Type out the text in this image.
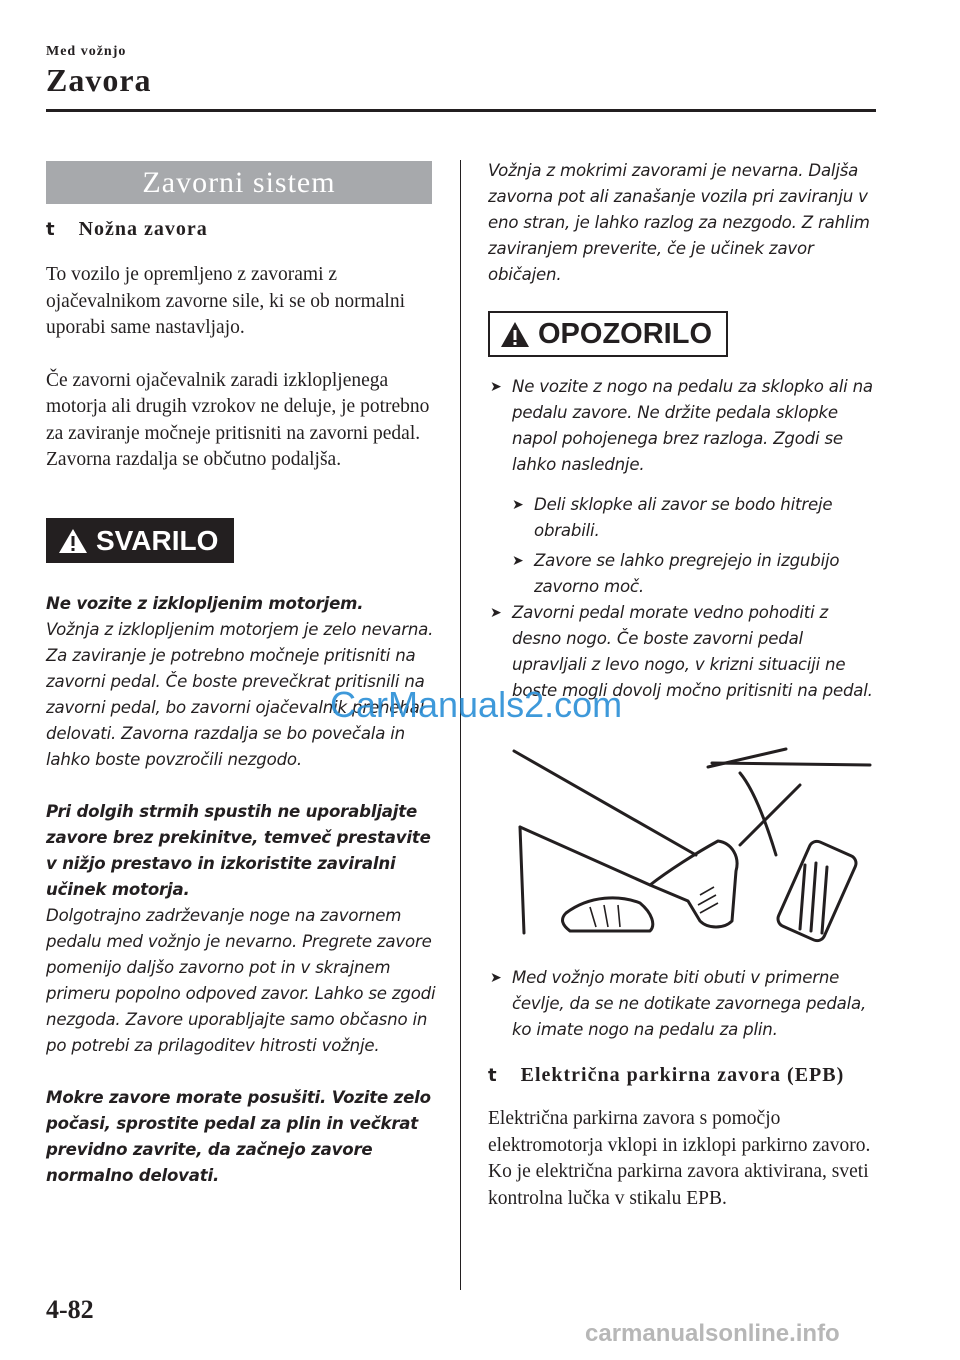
Med vožnjo
Zavora
Zavorni sistem
t Nožna zavora

To vozilo je opremljeno z zavorami z ojačevalnikom zavorne sile, ki se ob normalni uporabi same nastavljajo.

Če zavorni ojačevalnik zaradi izklopljenega motorja ali drugih vzrokov ne deluje, je potrebno za zaviranje močneje pritisniti na zavorni pedal. Zavorna razdalja se občutno podaljša.

SVARILO

Ne vozite z izklopljenim motorjem.

Vožnja z izklopljenim motorjem je zelo nevarna. Za zaviranje je potrebno močneje pritisniti na zavorni pedal. Če boste prevečkrat pritisnili na zavorni pedal, bo zavorni ojačevalnik prenehal delovati. Zavorna razdalja se bo povečala in lahko boste povzročili nezgodo.

Pri dolgih strmih spustih ne uporabljajte zavore brez prekinitve, temveč prestavite v nižjo prestavo in izkoristite zaviralni učinek motorja.

Dolgotrajno zadrževanje noge na zavornem pedalu med vožnjo je nevarno. Pregrete zavore pomenijo daljšo zavorno pot in v skrajnem primeru popolno odpoved zavor. Lahko se zgodi nezgoda. Zavore uporabljajte samo občasno in po potrebi za prilagoditev hitrosti vožnje.

Mokre zavore morate posušiti. Vozite zelo počasi, sprostite pedal za plin in večkrat previdno zavrite, da začnejo zavore normalno delovati.

Vožnja z mokrimi zavorami je nevarna. Daljša zavorna pot ali zanašanje vozila pri zaviranju v eno stran, je lahko razlog za nezgodo. Z rahlim zaviranjem preverite, če je učinek zavor običajen.

OPOZORILO
➤ Ne vozite z nogo na pedalu za sklopko ali na pedalu zavore. Ne držite pedala sklopke napol pohojenega brez razloga. Zgodi se lahko naslednje.
➤ Deli sklopke ali zavor se bodo hitreje obrabili.
➤ Zavore se lahko pregrejejo in izgubijo zavorno moč.
➤ Zavorni pedal morate vedno pohoditi z desno nogo. Če boste zavorni pedal upravljali z levo nogo, v krizni situaciji ne boste mogli dovolj močno pritisniti na pedal.
➤ Med vožnjo morate biti obuti v primerne čevlje, da se ne dotikate zavornega pedala, ko imate nogo na pedalu za plin.
t Električna parkirna zavora (EPB)

Električna parkirna zavora s pomočjo elektromotorja vklopi in izklopi parkirno zavoro. Ko je električna parkirna zavora aktivirana, sveti kontrolna lučka v stikalu EPB.

4-82
CarManuals2.com
carmanualsonline.info
